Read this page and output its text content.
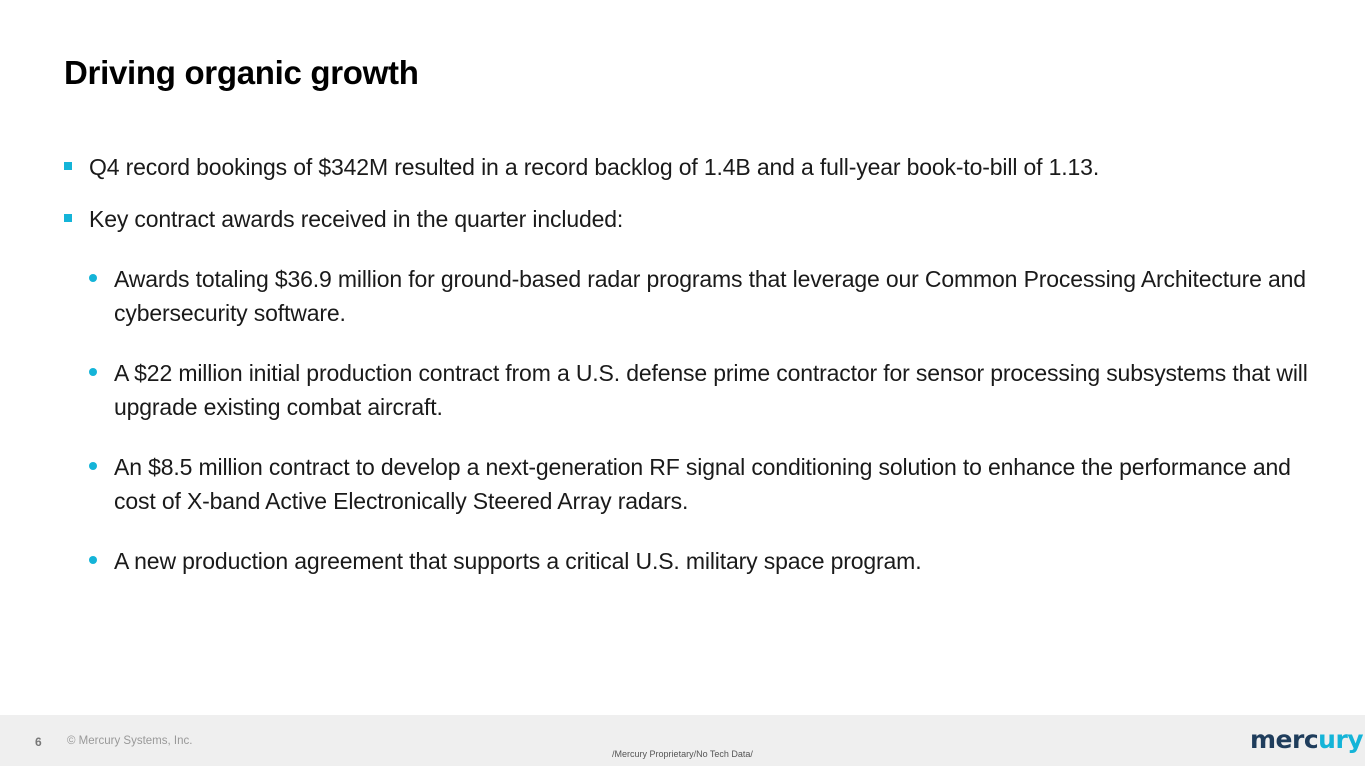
Driving organic growth
Q4 record bookings of $342M resulted in a record backlog of 1.4B and a full-year book-to-bill of 1.13.
Key contract awards received in the quarter included:
Awards totaling $36.9 million for ground-based radar programs that leverage our Common Processing Architecture and cybersecurity software.
A $22 million initial production contract from a U.S. defense prime contractor for sensor processing subsystems that will upgrade existing combat aircraft.
An $8.5 million contract to develop a next-generation RF signal conditioning solution to enhance the performance and cost of X-band Active Electronically Steered Array radars.
A new production agreement that supports a critical U.S. military space program.
6 © Mercury Systems, Inc.
/Mercury Proprietary/No Tech Data/	mercury
